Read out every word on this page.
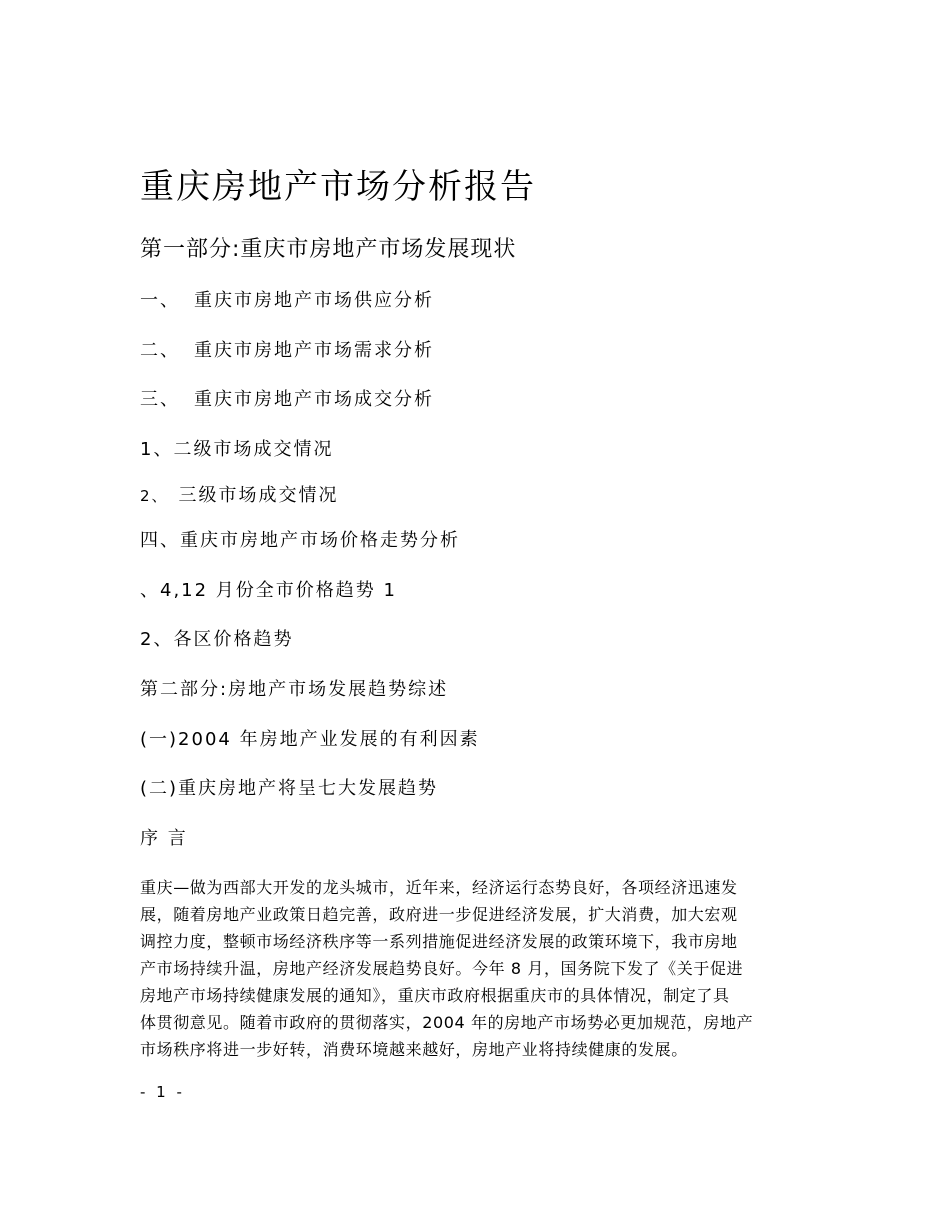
重庆房地产市场分析报告
第一部分:重庆市房地产市场发展现状
一、 重庆市房地产市场供应分析
二、 重庆市房地产市场需求分析
三、 重庆市房地产市场成交分析
1、二级市场成交情况
2、 三级市场成交情况
四、重庆市房地产市场价格走势分析
、4,12 月份全市价格趋势 1
2、各区价格趋势
第二部分:房地产市场发展趋势综述
(一)2004 年房地产业发展的有利因素
(二)重庆房地产将呈七大发展趋势
序 言
重庆—做为西部大开发的龙头城市，近年来，经济运行态势良好，各项经济迅速发
展，随着房地产业政策日趋完善，政府进一步促进经济发展，扩大消费，加大宏观
调控力度，整顿市场经济秩序等一系列措施促进经济发展的政策环境下，我市房地
产市场持续升温，房地产经济发展趋势良好。今年 8 月，国务院下发了《关于促进
房地产市场持续健康发展的通知》，重庆市政府根据重庆市的具体情况，制定了具
体贯彻意见。随着市政府的贯彻落实，2004 年的房地产市场势必更加规范，房地产
市场秩序将进一步好转，消费环境越来越好，房地产业将持续健康的发展。
- 1 -
